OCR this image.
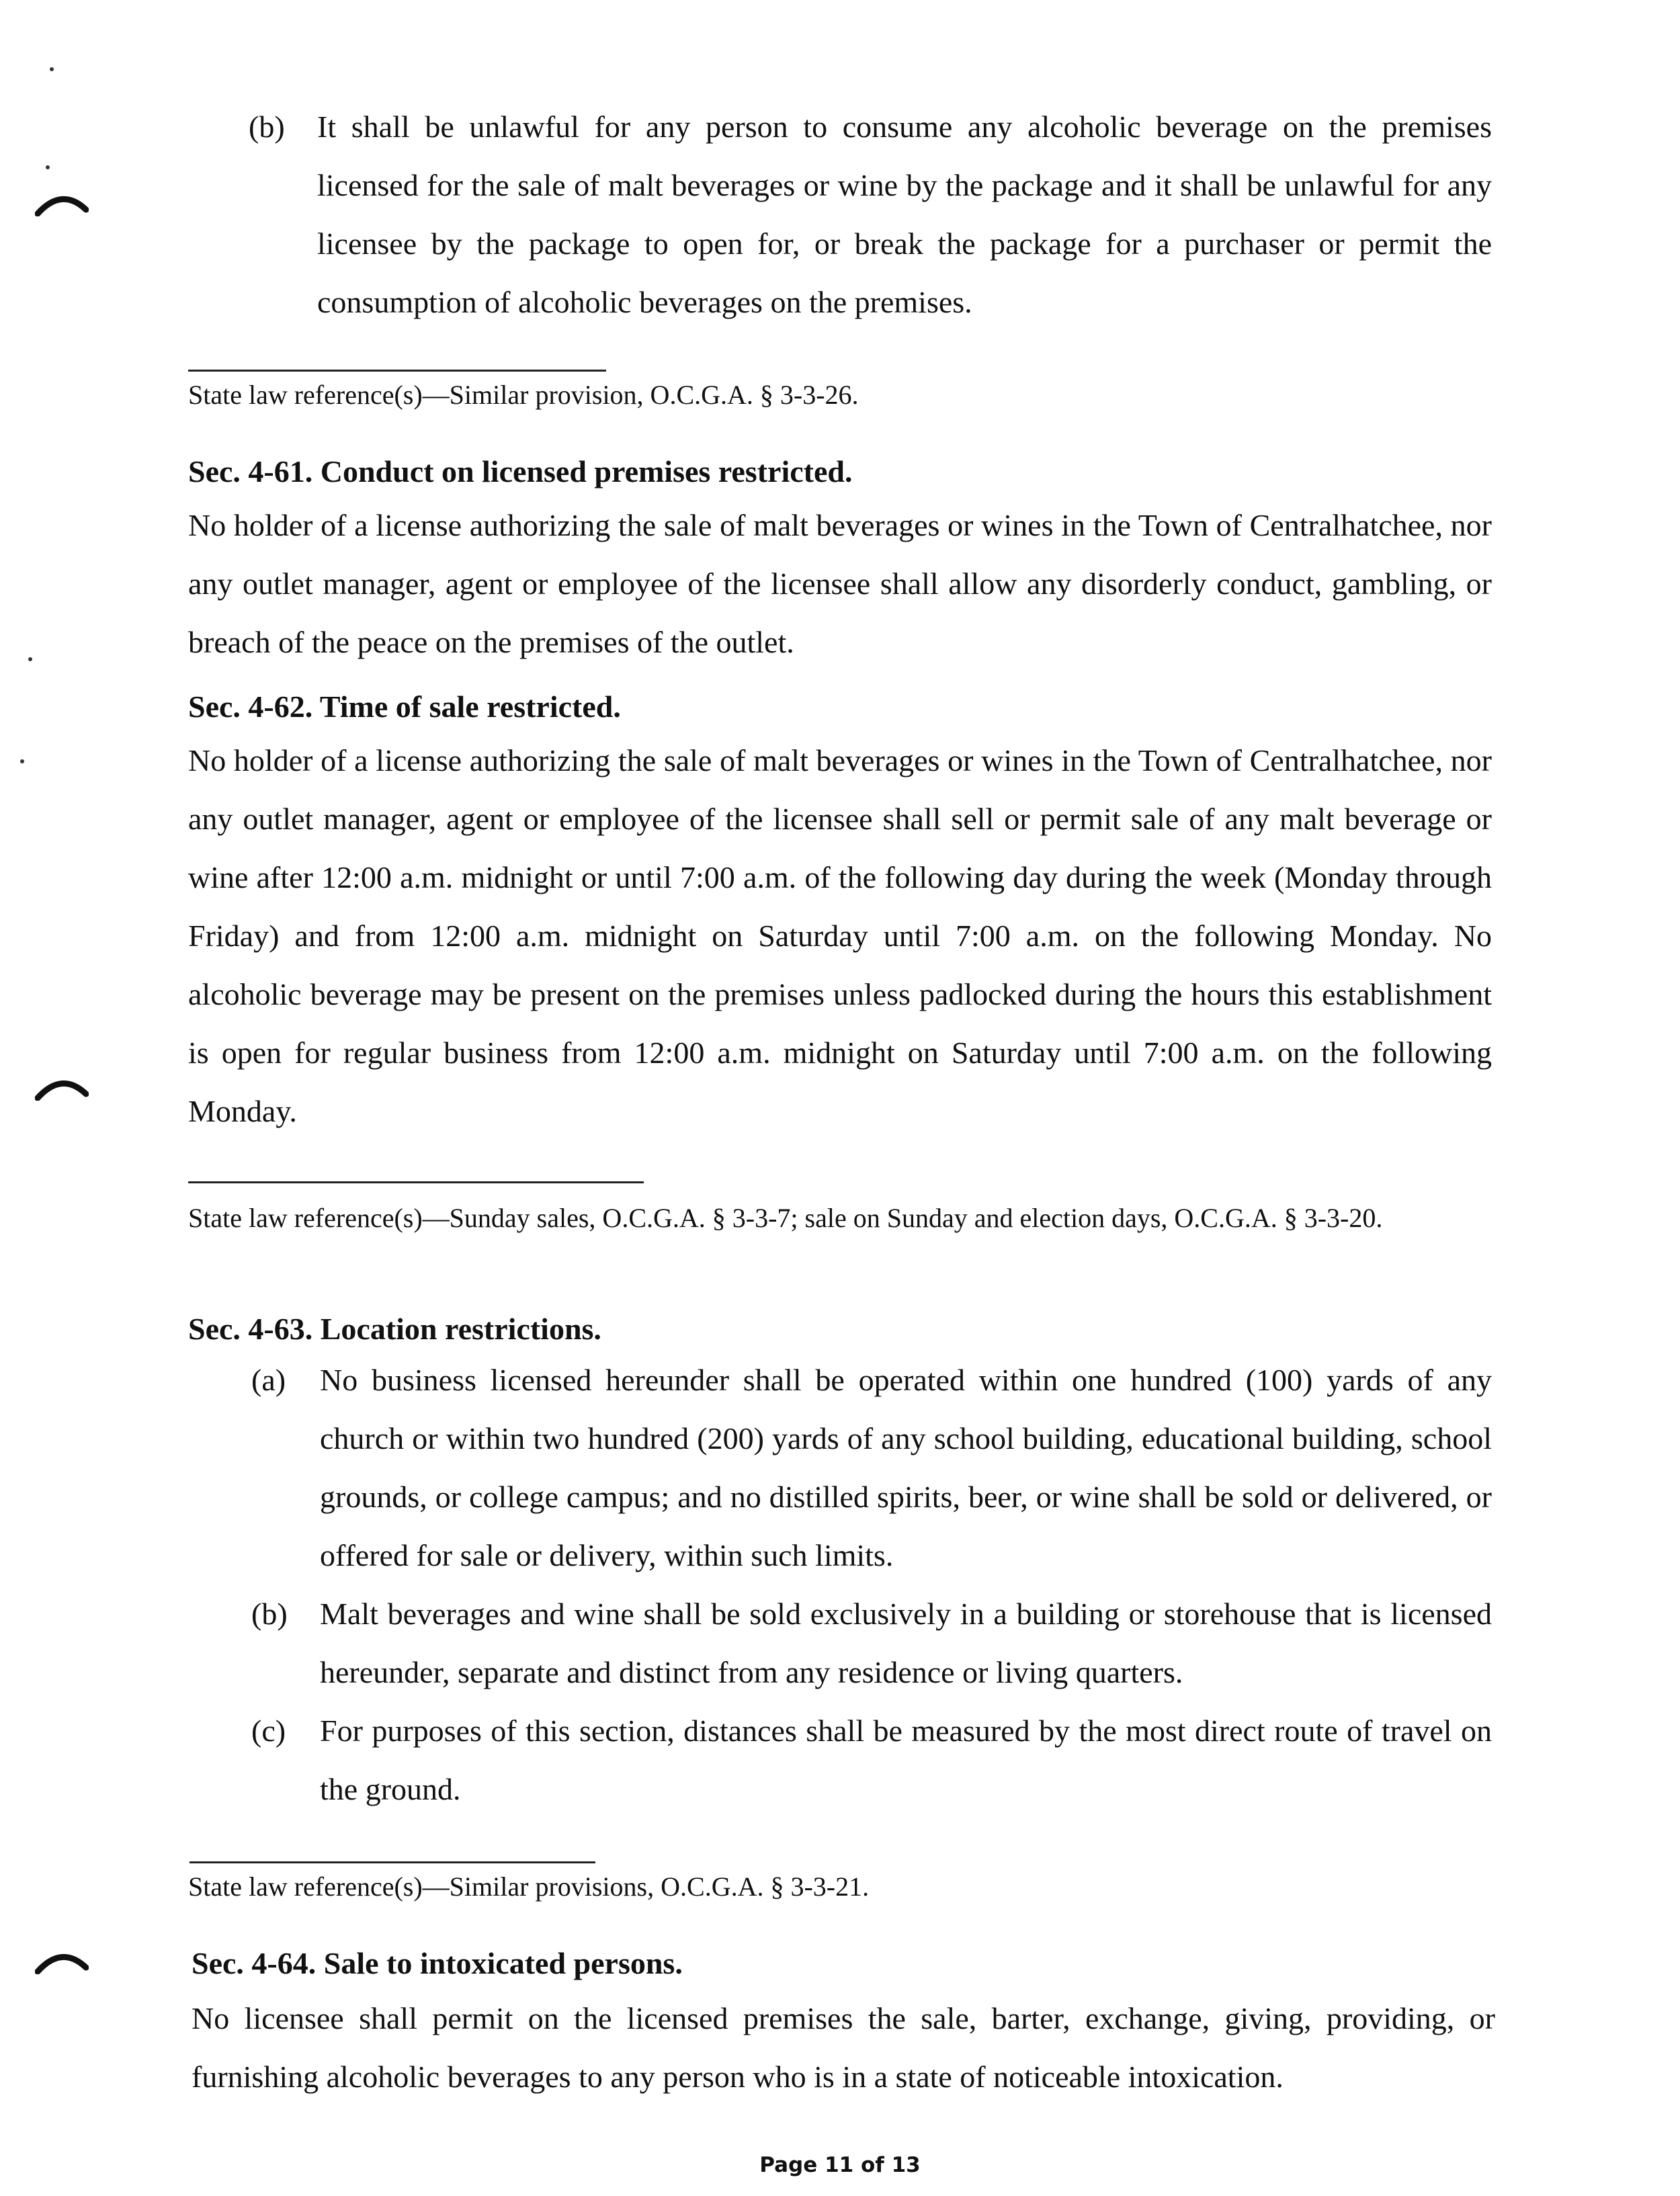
(b) It shall be unlawful for any person to consume any alcoholic beverage on the premises licensed for the sale of malt beverages or wine by the package and it shall be unlawful for any licensee by the package to open for, or break the package for a purchaser or permit the consumption of alcoholic beverages on the premises.

State law reference(s)—Similar provision, O.C.G.A. § 3-3-26.

Sec. 4-61. Conduct on licensed premises restricted.

No holder of a license authorizing the sale of malt beverages or wines in the Town of Centralhatchee, nor any outlet manager, agent or employee of the licensee shall allow any disorderly conduct, gambling, or breach of the peace on the premises of the outlet.

Sec. 4-62. Time of sale restricted.

No holder of a license authorizing the sale of malt beverages or wines in the Town of Centralhatchee, nor any outlet manager, agent or employee of the licensee shall sell or permit sale of any malt beverage or wine after 12:00 a.m. midnight or until 7:00 a.m. of the following day during the week (Monday through Friday) and from 12:00 a.m. midnight on Saturday until 7:00 a.m. on the following Monday. No alcoholic beverage may be present on the premises unless padlocked during the hours this establishment is open for regular business from 12:00 a.m. midnight on Saturday until 7:00 a.m. on the following Monday.

State law reference(s)—Sunday sales, O.C.G.A. § 3-3-7; sale on Sunday and election days, O.C.G.A. § 3-3-20.

Sec. 4-63. Location restrictions.

(a) No business licensed hereunder shall be operated within one hundred (100) yards of any church or within two hundred (200) yards of any school building, educational building, school grounds, or college campus; and no distilled spirits, beer, or wine shall be sold or delivered, or offered for sale or delivery, within such limits.

(b) Malt beverages and wine shall be sold exclusively in a building or storehouse that is licensed hereunder, separate and distinct from any residence or living quarters.

(c) For purposes of this section, distances shall be measured by the most direct route of travel on the ground.

State law reference(s)—Similar provisions, O.C.G.A. § 3-3-21.

Sec. 4-64. Sale to intoxicated persons.

No licensee shall permit on the licensed premises the sale, barter, exchange, giving, providing, or furnishing alcoholic beverages to any person who is in a state of noticeable intoxication.

Page 11 of 13
